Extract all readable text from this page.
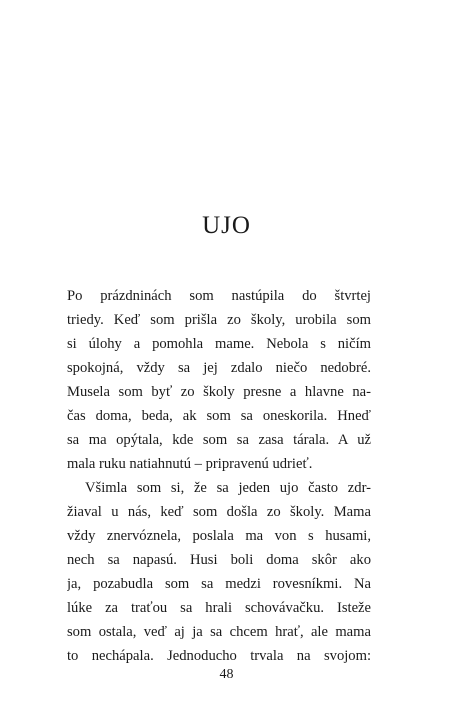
UJO
Po prázdninách som nastúpila do štvrtej
triedy. Keď som prišla zo školy, urobila som
si úlohy a pomohla mame. Nebola s ničím
spokojná, vždy sa jej zdalo niečo nedobré.
Musela som byť zo školy presne a hlavne na-
čas doma, beda, ak som sa oneskorila. Hneď
sa ma opýtala, kde som sa zasa tárala. A už
mala ruku natiahnutú – pripravenú udrieť.
Všimla som si, že sa jeden ujo často zdr-
žiaval u nás, keď som došla zo školy. Mama
vždy znervóznela, poslala ma von s husami,
nech sa napasú. Husi boli doma skôr ako
ja, pozabudla som sa medzi rovesníkmi. Na
lúke za traťou sa hrali schovávačku. Isteže
som ostala, veď aj ja sa chcem hrať, ale mama
to nechápala. Jednoducho trvala na svojom:
48
